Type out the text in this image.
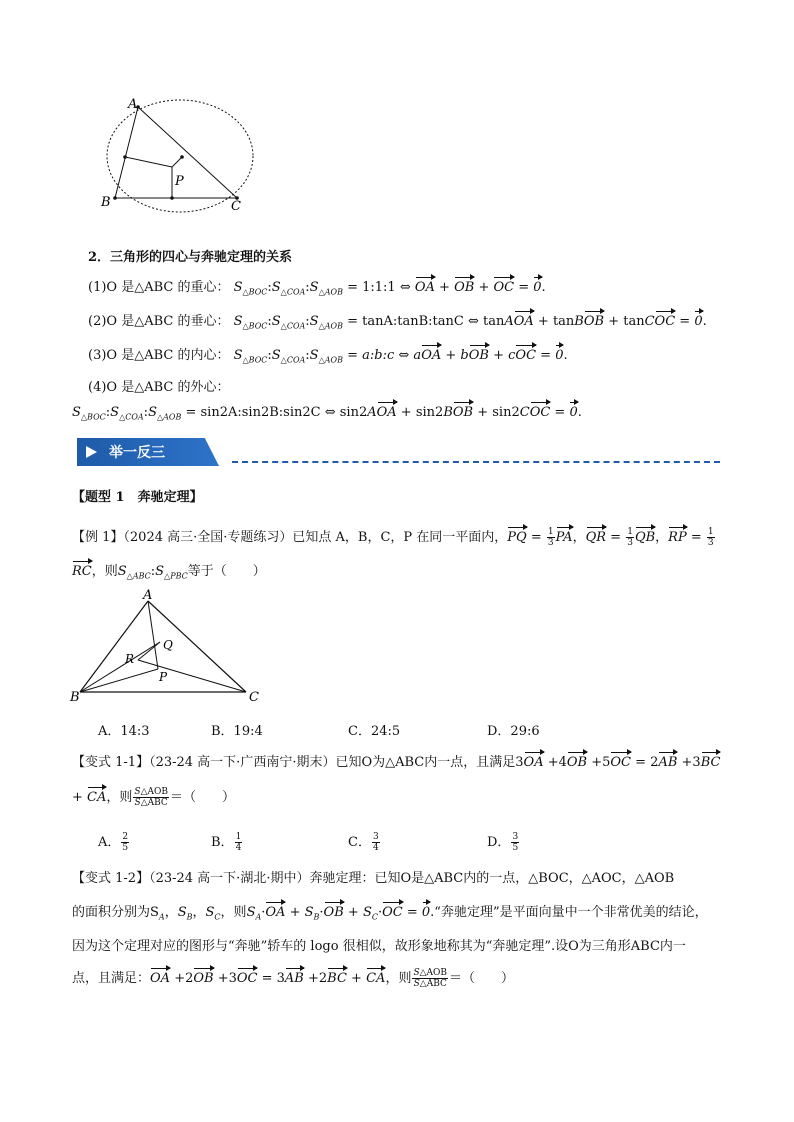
A
B	C
P
2．三角形的四心与奔驰定理的关系
(1)O 是△ABC 的重心： $S_{\triangle BOC}:S_{\triangle COA}:S_{\triangle AOB}$ = 1:1:1 ⇔ OA + OB + OC = 0.
(2)O 是△ABC 的垂心： $S_{\triangle BOC}:S_{\triangle COA}:S_{\triangle AOB}$ = tanA:tanB:tanC ⇔ tanAOA + tanBOB + tanCOC = 0.
(3)O 是△ABC 的内心： $S_{\triangle BOC}:S_{\triangle COA}:S_{\triangle AOB}$ = a:b:c ⇔ aOA + bOB + cOC = 0.
(4)O 是△ABC 的外心：
$S_{\triangle BOC}:S_{\triangle COA}:S_{\triangle AOB}$ = sin2A:sin2B:sin2C ⇔ sin2AOA + sin2BOB + sin2COC = 0.
举一反三
【题型 1　奔驰定理】
【例 1】（2024 高三·全国·专题练习）已知点 A，B，C，P 在同一平面内，PQ = $\frac{1}{3}$ PA，QR = $\frac{1}{3}$ QB，RP = $\frac{1}{3}$
RC，则$S_{\triangle ABC}:S_{\triangle PBC}$等于（　　）
A
B	C
Q
R
P
A．14:3	B．19:4	C．24:5	D．29:6
【变式 1-1】（23-24 高一下·广西南宁·期末）已知O为△ABC内一点，且满足3OA +4OB +5OC = 2AB +3BC
+ CA，则 $\frac{\text{S△AOB}}{\text{S△ABC}}$ ＝（　　）
A． $\frac{2}{5}$	B． $\frac{1}{4}$	C． $\frac{3}{4}$	D． $\frac{3}{5}$
【变式 1-2】（23-24 高一下·湖北·期中）奔驰定理：已知O是△ABC内的一点，△BOC，△AOC，△AOB
的面积分别为$S_A$，$S_B$，$S_C$，则$S_A\cdot OA + S_B\cdot OB + S_C\cdot OC$ = 0.“奔驰定理”是平面向量中一个非常优美的结论，
因为这个定理对应的图形与“奔驰”轿车的 logo 很相似，故形象地称其为“奔驰定理”.设O为三角形ABC内一
点，且满足：OA +2OB +3OC = 3AB +2BC + CA，则 $\frac{\text{S△AOB}}{\text{S△ABC}}$ ＝（　　）
